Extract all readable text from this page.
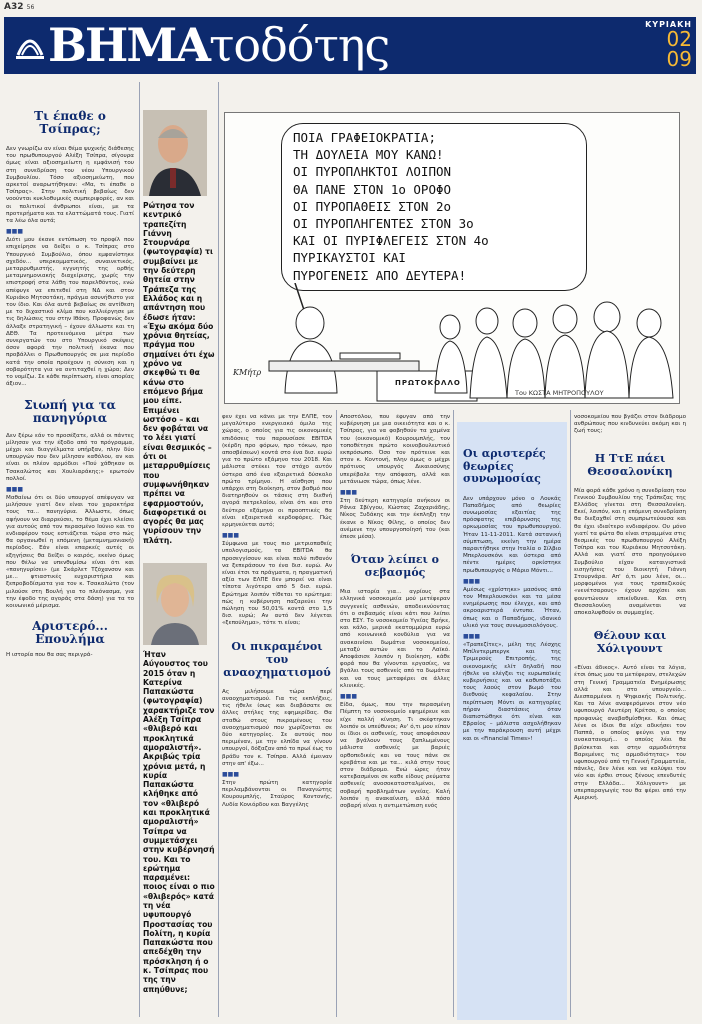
A32 56
ΒΗΜΑτοδότης	ΚΥΡΙΑΚΗ
02
09
Τι έπαθε ο Τσίπρας;

Δεν γνωρίζω αν είναι θέμα ψυχικής διάθεσης του πρωθυπουργού Αλέξη Τσίπρα, σίγουρα όμως είναι αξιοσημείωτη η εμφάνισή του στη συνεδρίαση του νέου Υπουργικού Συμβουλίου. Τόσο αξιοσημείωτη, που αρκετοί αναρωτήθηκαν: «Μα, τι έπαθε ο Τσίπρας». Στην πολιτική βεβαίως δεν νοούνται κυκλοθυμικές συμπεριφορές, αν και οι πολιτικοί άνθρωποι είναι, με τα προτερήματα και τα ελαττώματά τους. Γιατί τα λέω όλα αυτά;

■■■

Διότι μου έκανε εντύπωση το προφίλ που επιχείρησε να δείξει ο κ. Τσίπρας στο Υπουργικό Συμβούλιο, όπου εμφανίστηκε σχεδόν... υπερκομματικός, συναινετικός, μεταρρυθμιστής, εγγυητής της ορθής μεταμνημονιακής διαχείρισης, χωρίς την επιστροφή στα λάθη του παρελθόντος, ενώ απέφυγε να επιτεθεί στη ΝΔ και στον Κυριάκο Μητσοτάκη, πράγμα ασυνήθιστο για τον ίδιο. Και όλα αυτά βεβαίως σε αντίθεση με το διχαστικό κλίμα που καλλιέργησε με τις δηλώσεις του στην Ιθάκη. Προφανώς δεν άλλαξε στρατηγική – έχουν άλλωστε και τη ΔΕΘ. Τα προτεινόμενα μέτρα των συνεργατών του στο Υπουργικό σκέψεις όσον αφορά την πολιτική έκανα που προβάλλει ο Πρωθυπουργός σε μια περίοδο κατά την οποία προέχουν η σύνεση και η σοβαρότητα για να αντιταχθεί η χώρα; Δεν το νομίζω. Σε κάθε περίπτωση, είναι απορίας άξιον...

Σιωπή για τα πανηγύρια

Δεν ξέρω εάν το προσέξατε, αλλά οι πάντες μίλησαν για την έξοδο από το πρόγραμμα, μέχρι και διαγγέλματα υπήρξαν, πλην δύο υπουργών που δεν μίλησαν καθόλου, αν και είναι οι πλέον αρμόδιοι «Πού χάθηκαν οι Τσακαλώτος και Χουλιαράκης;» ερωτούν πολλοί.

■■■

Μαθαίνω ότι οι δύο υπουργοί απέφυγαν να μιλήσουν γιατί δεν είναι του χαρακτήρα τους τα... πανηγύρια. Άλλωστε, όπως αφήνουν να διαρρεύσει, το θέμα έχει κλείσει για αυτούς από τον περασμένο Ιούνιο και το ενδιαφέρον τους εστιάζεται τώρα στο πώς θα οργανωθεί η επόμενη (μεταμνημονιακή) περίοδος. Εάν είναι επαρκείς αυτές οι εξηγήσεις θα δείξει ο καιρός, εκείνο όμως που θέλω να υπενθυμίσω είναι ότι και «πανηγυρίσει» (με Σκάρλετ Τζόχανσον και με... φτιαστικές ευχαριστήρια και ξεπροβοδίσματα για τον κ. Τσακαλώτο (τον μιλούσε στη Βουλή για το πλεόνασμα, για την έφοδο της αγοράς στα δάση) για τα το κοινωνικό μέρισμα.

Αριστερό... Επουλήμα

Η ιστορία που θα σας περιγρά-

Ρώτησα τον κεντρικό τραπεζίτη Γιάννη Στουρνάρα (φωτογραφία) τι συμβαίνει με την δεύτερη θητεία στην Τράπεζα της Ελλάδος και η απάντηση που έδωσε ήταν: «Έχω ακόμα δύο χρόνια θητείας, πράγμα που σημαίνει ότι έχω χρόνο να σκεφθώ τι θα κάνω στο επόμενο βήμα μου είπε. Επιμένει ωστόσο – και δεν φοβάται να το λέει γιατί είναι θεσμικός – ότι οι μεταρρυθμίσεις που συμφωνήθηκαν πρέπει να εφαρμοστούν, διαφορετικά οι αγορές θα μας γυρίσουν την πλάτη.
Ήταν Αύγουστος του 2015 όταν η Κατερίνα Παπακώστα (φωτογραφία) χαρακτήριζε τον Αλέξη Τσίπρα «θλιβερό και προκλητικά αμοραλιστή». Ακριβώς τρία χρόνια μετά, η κυρία Παπακώστα κλήθηκε από τον «θλιβερό και προκλητικά αμοραλιστή» Τσίπρα να συμμετάσχει στην κυβέρνησή του. Και το ερώτημα παραμένει: ποιος είναι ο πιο «θλιβερός» κατά τη νέα υφυπουργό Προστασίας του Πολίτη, η κυρία Παπακώστα που απεδέχθη την πρόσκληση ή ο κ. Τσίπρας που της την απηύθυνε;
ΠΟΙΑ ΓΡΑΦΕΙΟΚΡΑΤΙΑ;
ΤΗ ΔΟΥΛΕΙΑ ΜΟΥ ΚΑΝΩ!
ΟΙ ΠΥΡΟΠΛΗΚΤΟΙ ΛΟΙΠΟΝ
ΘΑ ΠΑΝΕ ΣΤΟΝ 1ο ΟΡΟΦΟ
ΟΙ ΠΥΡΟΠΑΘΕΙΣ ΣΤΟΝ 2ο
ΟΙ ΠΥΡΟΠΛΗΓΕΝΤΕΣ ΣΤΟΝ 3ο
ΚΑΙ ΟΙ ΠΥΡΙΦΛΕΓΕΙΣ ΣΤΟΝ 4ο
ΠΥΡΙΚΑΥΣΤΟΙ ΚΑΙ
ΠΥΡΟΓΕΝΕΙΣ ΑΠΟ ΔΕΥΤΕΡΑ!
ΠΡΩΤΟΚΟΛΛΟ
ΚΜήτρ
Του ΚΩΣΤΑ ΜΗΤΡΟΠΟΥΛΟΥ

φεν έχει να κάνει με την ΕΛΠΕ, τον μεγαλύτερο ενεργειακό όμιλο της χώρας, ο οποίος για τις οικονομικές επιδόσεις του παρουσίασε EBITDA (κέρδη προ φόρων, προ τόκων, προ αποσβέσεων) κοντά στο ένα δισ. ευρώ για το πρώτο εξάμηνο του 2018. Και μάλιστα στέκει τον στόχο αυτόν ύστερα από ένα εξαιρετικά δύσκολο πρώτο τρίμηνο. Η αίσθηση που υπάρχει στη διοίκηση, στον βαθμό που διατηρηθούν οι τάσεις στη διεθνή αγορά πετρελαίου, είναι ότι και στο δεύτερο εξάμηνο οι προοπτικές θα είναι εξαιρετικά κερδοφόρες. Πώς ερμηνεύεται αυτό;

■■■

Σύμφωνα με τους πιο μετριοπαθείς υπολογισμούς, τα EBITDA θα προσεγγίσουν και είναι πολύ πιθανόν να ξεπεράσουν το ένα δισ. ευρώ. Αν είναι έτσι τα πράγματα, η πραγματική αξία των ΕΛΠΕ δεν μπορεί να είναι τίποτα λιγότερο από 5 δισ. ευρώ. Ερώτημα λοιπόν τίθεται το ερώτημα: πώς η κυβέρνηση παζαρεύει την πώληση του 50,01% κοντά στο 1,5 δισ. ευρώ; Αν αυτό δεν λέγεται «ξεπούλημα», τότε τι είναι;

Οι πικραμένοι του αναοχηματισμού

Ας μιλήσουμε τώρα περί αναοχηματισμού. Για τις εκπλήξεις, τις ήθελε ίσως και διαβάσατε σε άλλες στήλες της εφημερίδας. Θα σταθώ στους πικραμένους του αναοχηματισμού που χωρίζονται σε δύο κατηγορίες. Σε αυτούς που περιμέναν, με την ελπίδα να γίνουν υπουργοί, δόξαζαν από το πρωί έως το βράδυ τον κ. Τσίπρα. Αλλά έμειναν στην απ' έξω...

■■■

Στην πρώτη κατηγορία περιλαμβάνονται οι Παναγιώτης Κουρουμπλής, Σταύρος Κοντονής, Λυδία Κονιόρδου και Βαγγέλης

Αποστόλου, που έφυγαν από την κυβέρνηση με μια οικειότητα και ο κ. Τσίπρας, για να φοβηθούν τα χαμένα του (οικονομικό) Κουρουμπλής, τον τοποθέτησε πρώτο κοινοβουλευτικό εκπρόσωπο. Όσο τον πρότεινε και στον κ. Κοντονή, πλην όμως ο μέχρι πρότινος υπουργός Δικαιοσύνης υπερέβαλε την απόφαση, αλλά και μετάνιωσε τώρα, όπως λένε.

■■■

Στη δεύτερη κατηγορία ανήκουν οι Ράνια Σβίγγου, Κώστας Ζαχαριάδης, Νίκος Ξυδάκης και την έκπληξη την έκανε ο Νίκος Φίλης, ο οποίος δεν ανέμενε την υπουργοποίησή του (και έπεσε μέσα).

Όταν λείπει ο σεβασμός

Μια ιστορία για... αγρίους στα ελληνικά νοσοκομεία μού μετέφεραν συγγενείς ασθενών, αποδεικνύοντας ότι ο σεβασμός είναι κάτι που λείπει στο ΕΣΥ. Το νοσοκομείο Υγείας Βρήκε, και κάλο, μερικά εκατομμύρια ευρώ από κοινωνικά κονδύλια για να ανακαινίσει δωμάτια νοσοκομείου, μεταξύ αυτών και το Λαϊκό. Αποφάσισε λοιπόν η διοίκηση, κάθε φορά που θα γίνονται εργασίες, να βγάλει τους ασθενείς από τα δωμάτια και να τους μεταφέρει σε άλλες κλινικές.

■■■

Είδα, όμως, που την περασμένη Πέμπτη το νοσοκομείο εφημέρευε και είχε πολλή κίνηση. Τι σκέφτηκαν λοιπόν οι υπεύθυνοι; Αν' ό,τι μου είπαν οι ίδιοι οι ασθενείς, τους αποφάσισαν να βγάλουν τους ξαπλωμένους μάλιστα ασθενείς με βαριές ορθοπεδικές και να τους πάνε σε κρεβάτια και με τα... κιλά στην τους στον διάδρομο. Ενώ ώρες ήταν κατεβασμένοι σε καθε είδους ρεύματα ασθενείς ανοσοκατασταλμένοι, σε σοβαρή προβλημάτων υγείας. Καλή λοιπόν η ανακαίνιση, αλλά πόσο σοβαρή είναι η αντιμετώπιση ενός

Οι αριστερές θεωρίες συνωμοσίας

Δεν υπάρχουν μόνο ο Λουκάς Παπαδήμος από θεωρίες συνωμοσίας εξαιτίας της πρόσφατης επιβάρυνσης της ορκωμοσίας του πρωθυπουργού. Ήταν 11-11-2011. Κατά σατανική σύμπτωση, εκείνη την ημέρα παραιτήθηκε στην Ιταλία ο Σίλβιο Μπερλουσκόνι και ύστερα από πέντε ημέρες ορκίστηκε πρωθυπουργός ο Μάριο Μόντι...

■■■

Αμέσως «χρίστηκε» μασόνος από τον Μπερλουσκόνι και τα μέσα ενημέρωσης που έλεγχε, και από ακροαριστερά έντυπα. Ήταν, όπως και ο Παπαδήμος, ιδανικό υλικό για τους συνωμοσιολόγους.

■■■

«Τραπεζίτες», μέλη της Λέσχης Μπίλντερμπεργκ και της Τριμερούς Επιτροπής, της οικονομικής ελίτ δηλαδή που ήθελε να ελέγξει τις ευρωπαϊκές κυβερνήσεις και να καθυποτάξει τους λαούς στον βωμό του διεθνούς κεφαλαίου. Στην περίπτωση Μόντι οι κατηγορίες πήραν διαστάσεις όταν διαπιστώθηκε ότι είναι και Εβραίος – μάλιστα ασχολήθηκαν με την παράκρουση αυτή μέχρι και οι «Financial Times»!

νοσοκομείου που βγάζει στον διάδρομο ανθρώπους που κινδυνεύει ακόμη και η ζωή τους;

Η ΤτΕ πάει Θεσσαλονίκη

Μία φορά κάθε χρόνο η συνεδρίαση του Γενικού Συμβουλίου της Τράπεζας της Ελλάδος γίνεται στη Θεσσαλονίκη. Εκεί, λοιπόν, και η επόμενη συνεδρίαση θα διεξαχθεί στη συμπρωτεύουσα και θα έχει ιδιαίτερο ενδιαφέρον. Ου μόνο γιατί τα φώτα θα είναι στραμμένα στις θεσμικές του πρωθυπουργού Αλέξη Τσίπρα και του Κυριάκου Μητσοτάκη. Αλλά και γιατί στο προηγούμενο Συμβούλιο είχαν καταιγιστικά εισηγήσεις του διοικητή Γιάννη Στουρνάρα. Απ' ό,τι μου λένε, οι... μορφομένοι για τους τραπεζικούς «νενέτσαρους» έχουν αρχίσει και φουντώνουν επικίνδυνα. Και στη Θεσσαλονίκη αναμένεται να αποκαλυφθούν οι συμμαχίες.

Θέλουν και Χόλιγουντ

«Είναι άδικος». Αυτό είναι τα λόγια, έτσι όπως μου τα μετέφεραν, στελεχών στη Γενική Γραμματεία Ενημέρωσης αλλά και στο υπουργείο... Διεσπαρμένοι η Ψηφιακής Πολιτικής. Και τα λένε αναφερόμενοι στον νέο υφυπουργό Λευτέρη Κρέτσο, ο οποίος προφανώς αναβαθμίσθηκε. Και όπως λένε οι ίδιοι θα είχε αδικήσει τον Παππά, ο οποίος φεύγει για την ανακατανομή... ο οποίος λέει θα βρίσκεται και στην αρμοδιότητα Βαρεμένες τις αρμοδιότητας» του υφυπουργού από τη Γενική Γραμματεία, πάνελς, δεν λένε και να καλύψει τον νέο και έρθει στους ξένους επενδυτές στην Ελλάδα... Χόλιγουντ» με υπερπαραγωγές του θα φέρει από την Αμερική.
